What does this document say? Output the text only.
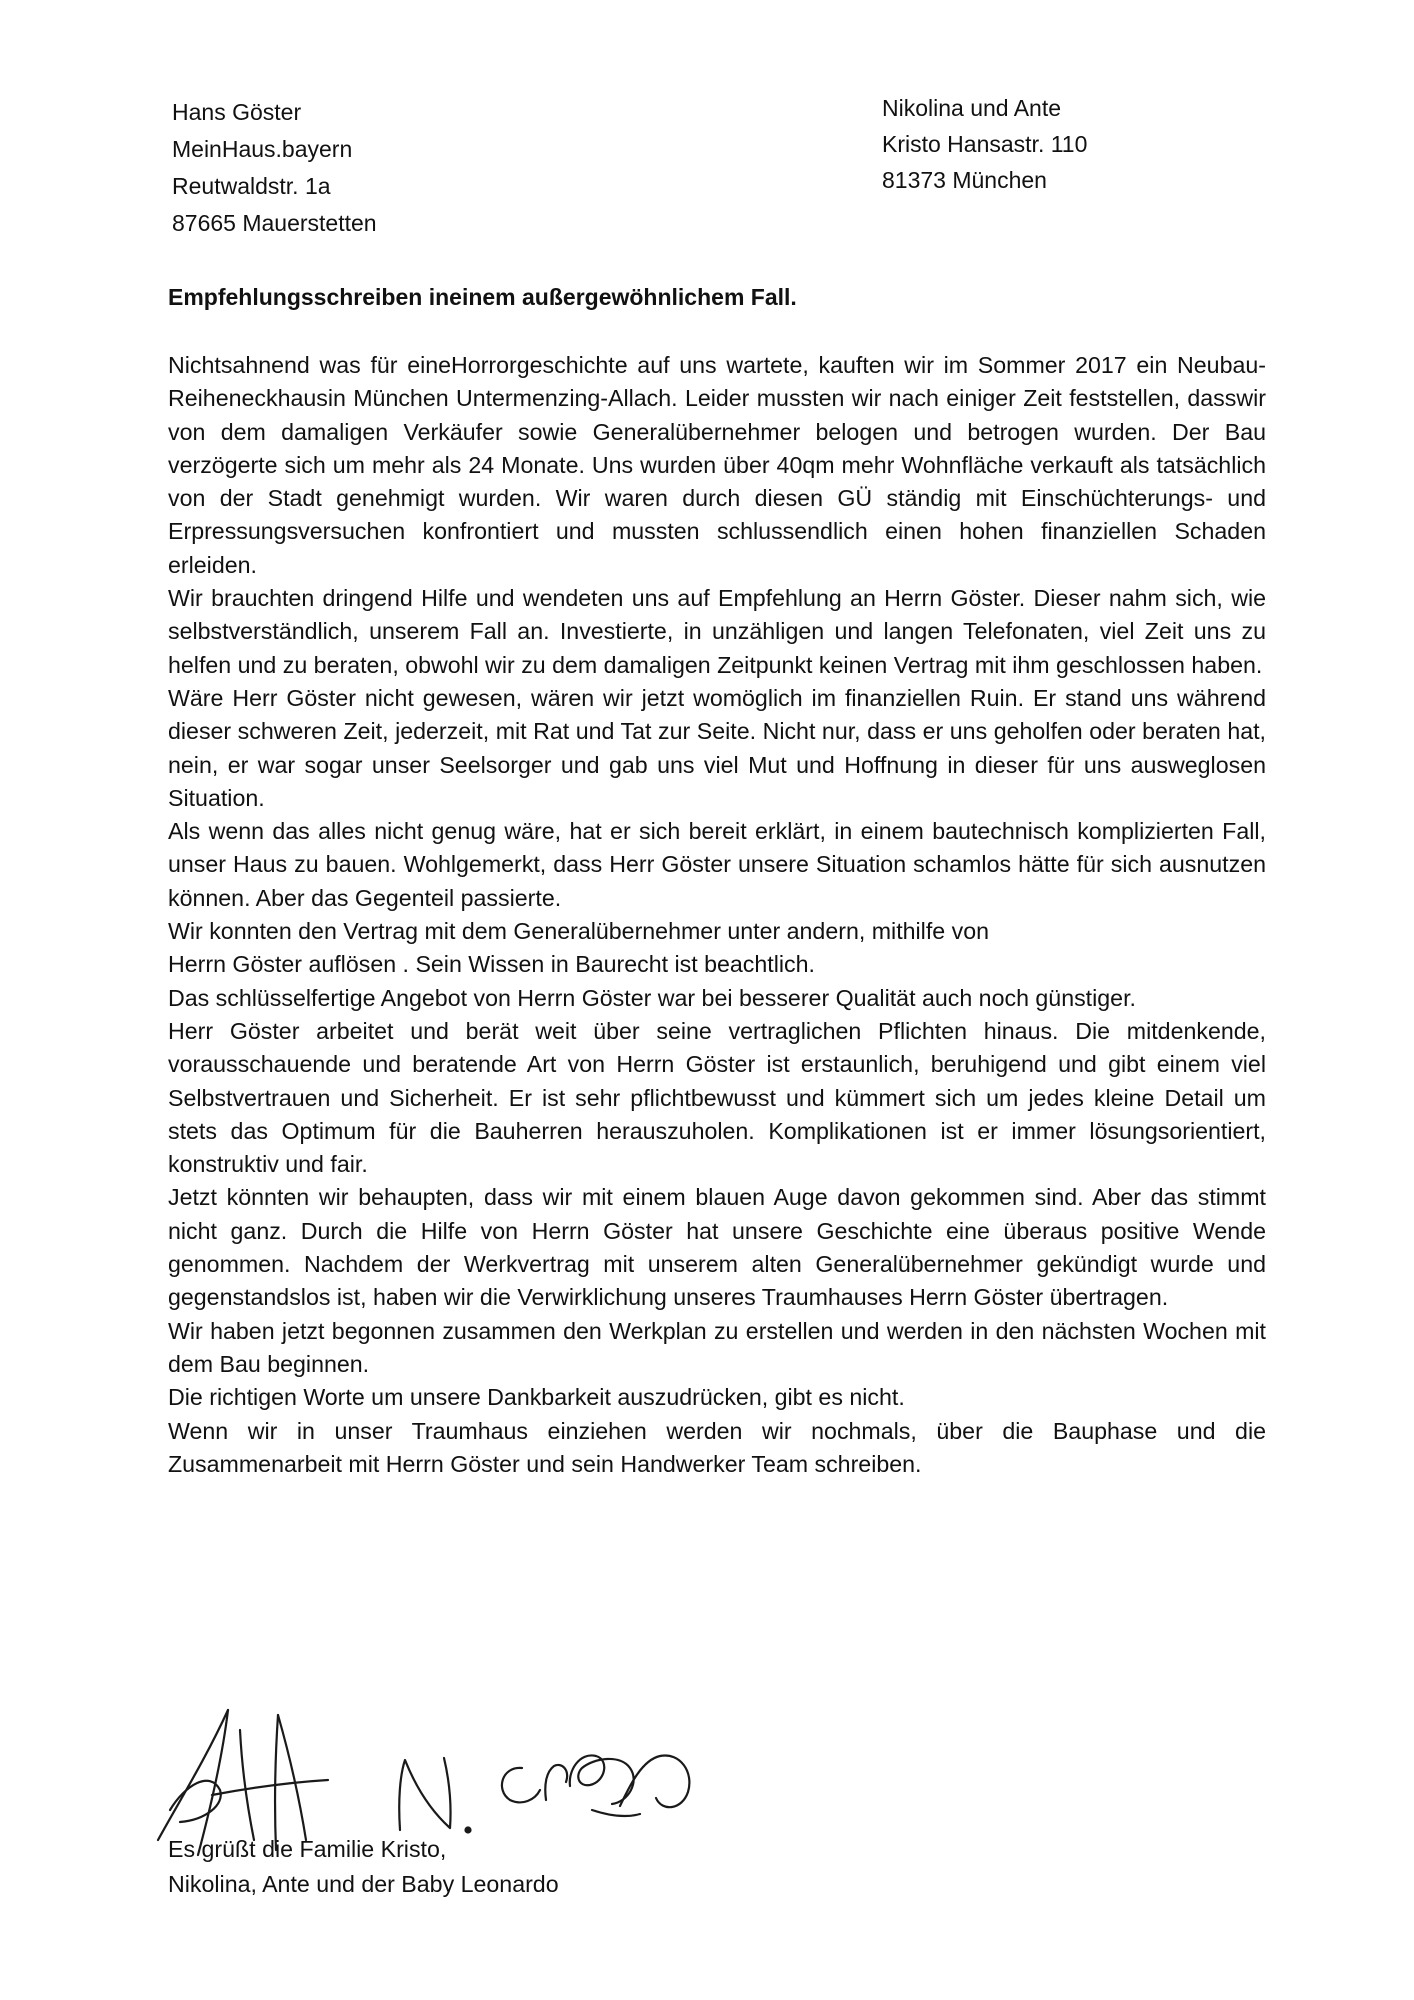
Hans Göster
MeinHaus.bayern
Reutwaldstr. 1a
87665 Mauerstetten
Nikolina und Ante
Kristo Hansastr. 110
81373 München
Empfehlungsschreiben ineinem außergewöhnlichem Fall.

Nichtsahnend was für eineHorrorgeschichte auf uns wartete, kauften wir im Sommer 2017 ein Neubau- Reiheneckhausin München Untermenzing-Allach. Leider mussten wir nach einiger Zeit feststellen, dasswir von dem damaligen Verkäufer sowie Generalübernehmer belogen und betrogen wurden. Der Bau verzögerte sich um mehr als 24 Monate. Uns wurden über 40qm mehr Wohnfläche verkauft als tatsächlich von der Stadt genehmigt wurden. Wir waren durch diesen GÜ ständig mit Einschüchterungs- und Erpressungsversuchen konfrontiert und mussten schlussendlich einen hohen finanziellen Schaden erleiden.

Wir brauchten dringend Hilfe und wendeten uns auf Empfehlung an Herrn Göster. Dieser nahm sich, wie selbstverständlich, unserem Fall an. Investierte, in unzähligen und langen Telefonaten, viel Zeit uns zu helfen und zu beraten, obwohl wir zu dem damaligen Zeitpunkt keinen Vertrag mit ihm geschlossen haben.

Wäre Herr Göster nicht gewesen, wären wir jetzt womöglich im finanziellen Ruin. Er stand uns während dieser schweren Zeit, jederzeit, mit Rat und Tat zur Seite. Nicht nur, dass er uns geholfen oder beraten hat, nein, er war sogar unser Seelsorger und gab uns viel Mut und Hoffnung in dieser für uns ausweglosen Situation.

Als wenn das alles nicht genug wäre, hat er sich bereit erklärt, in einem bautechnisch komplizierten Fall, unser Haus zu bauen. Wohlgemerkt, dass Herr Göster unsere Situation schamlos hätte für sich ausnutzen können. Aber das Gegenteil passierte.

Wir konnten den Vertrag mit dem Generalübernehmer unter andern, mithilfe von

Herrn Göster auflösen . Sein Wissen in Baurecht ist beachtlich.

Das schlüsselfertige Angebot von Herrn Göster war bei besserer Qualität auch noch günstiger.

Herr Göster arbeitet und berät weit über seine vertraglichen Pflichten hinaus. Die mitdenkende, vorausschauende und beratende Art von Herrn Göster ist erstaunlich, beruhigend und gibt einem viel Selbstvertrauen und Sicherheit. Er ist sehr pflichtbewusst und kümmert sich um jedes kleine Detail um stets das Optimum für die Bauherren herauszuholen. Komplikationen ist er immer lösungsorientiert, konstruktiv und fair.

Jetzt könnten wir behaupten, dass wir mit einem blauen Auge davon gekommen sind. Aber das stimmt nicht ganz. Durch die Hilfe von Herrn Göster hat unsere Geschichte eine überaus positive Wende genommen. Nachdem der Werkvertrag mit unserem alten Generalübernehmer gekündigt wurde und gegenstandslos ist, haben wir die Verwirklichung unseres Traumhauses Herrn Göster übertragen.

Wir haben jetzt begonnen zusammen den Werkplan zu erstellen und werden in den nächsten Wochen mit dem Bau beginnen.

Die richtigen Worte um unsere Dankbarkeit auszudrücken, gibt es nicht.

Wenn wir in unser Traumhaus einziehen werden wir nochmals, über die Bauphase und die Zusammenarbeit mit Herrn Göster und sein Handwerker Team schreiben.

Es grüßt die Familie Kristo,
Nikolina, Ante und der Baby Leonardo
